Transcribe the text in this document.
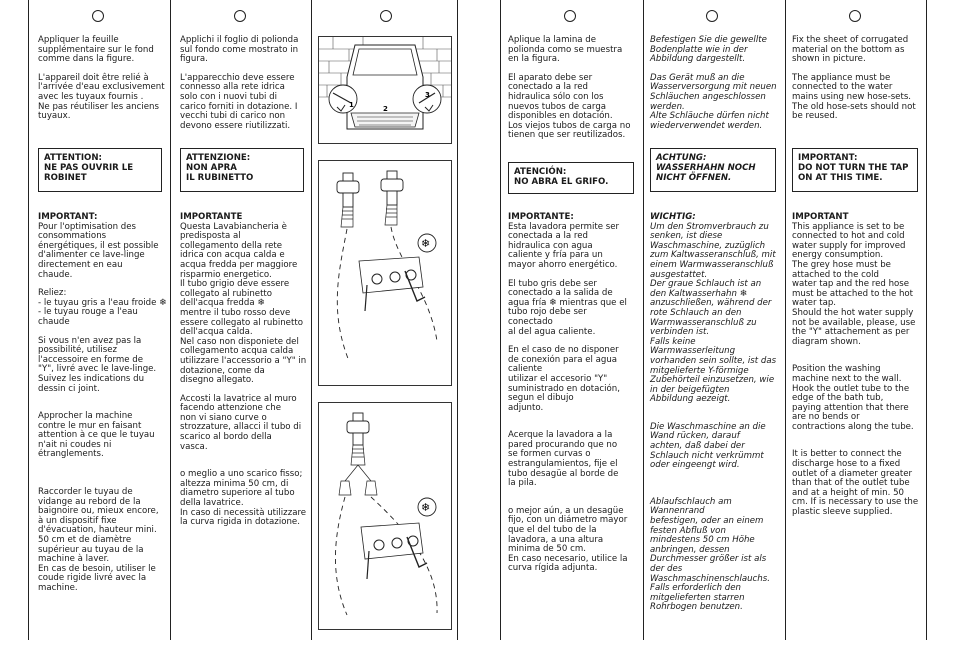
Appliquer la feuille
supplémentaire sur le fond
comme dans la figure.

L'appareil doit être relié à
l'arrivée d'eau exclusivement
avec les tuyaux fournis .
Ne pas réutiliser les anciens
tuyaux.

ATTENTION:
NE PAS OUVRIR LE
ROBINET

IMPORTANT:

Pour l'optimisation des
consommations
énergétiques, il est possible
d'alimenter ce lave-linge
directement en eau
chaude.

Reliez:
- le tuyau gris a l'eau froide ❄

- le tuyau rouge a l'eau
chaude

Si vous n'en avez pas la
possibilité, utilisez
l'accessoire en forme de
"Y", livré avec le lave-linge.
Suivez les indications du
dessin ci joint.

Approcher la machine
contre le mur en faisant
attention à ce que le tuyau
n'ait ni coudes ni
étranglements.

Raccorder le tuyau de
vidange au rebord de la
baignoire ou, mieux encore,
à un dispositif fixe
d'évacuation, hauteur mini.
50 cm et de diamètre
supérieur au tuyau de la
machine à laver.
En cas de besoin, utiliser le
coude rigide livré avec la
machine.

Applichi il foglio di polionda
sul fondo come mostrato in
figura.

L'apparecchio deve essere
connesso alla rete idrica
solo con i nuovi tubi di
carico forniti in dotazione. I
vecchi tubi di carico non
devono essere riutilizzati.

ATTENZIONE:
NON APRA
IL RUBINETTO

IMPORTANTE

Questa Lavabiancheria è
predisposta al
collegamento della rete
idrica con acqua calda e
acqua fredda per maggiore
risparmio energetico.
Il tubo grigio deve essere
collegato al rubinetto
dell'acqua fredda ❄

mentre il tubo rosso deve
essere collegato al rubinetto
dell'acqua calda.
Nel caso non disponiete del
collegamento acqua calda
utilizzare l'accessorio a "Y" in
dotazione, come da
disegno allegato.

Accosti la lavatrice al muro
facendo attenzione che
non vi siano curve o
strozzature, allacci il tubo di
scarico al bordo della
vasca.

o meglio a uno scarico fisso;
altezza minima 50 cm, di
diametro superiore al tubo
della lavatrice.
In caso di necessità utilizzare
la curva rigida in dotazione.

1	2
3
❄
❄

Aplique la lamina de
polionda como se muestra
en la figura.

El aparato debe ser
conectado a la red
hidraulica sólo con los
nuevos tubos de carga
disponibles en dotación.
Los viejos tubos de carga no
tienen que ser reutilizados.

ATENCIÓN:
NO ABRA EL GRIFO.

IMPORTANTE:

Esta lavadora permite ser
conectada a la red
hidraulica con agua
caliente y fría para un
mayor ahorro energético.

El tubo gris debe ser
conectado a la salida de
agua fría ❄ mientras que el
tubo rojo debe ser
conectado
al del agua caliente.

En el caso de no disponer
de conexión para el agua
caliente
utilizar el accesorio "Y"
suministrado en dotación,
segun el dibujo
adjunto.

Acerque la lavadora a la
pared procurando que no
se formen curvas o
estrangulamientos, fije el
tubo desagüe al borde de
la pila.

o mejor aún, a un desagüe
fijo, con un diámetro mayor
que el del tubo de la
lavadora, a una altura
minima de 50 cm.
En caso necesario, utilice la
curva rígida adjunta.

Befestigen Sie die gewellte
Bodenplatte wie in der
Abbildung dargestellt.

Das Gerät muß an die
Wasserversorgung mit neuen
Schläuchen angeschlossen
werden.
Alte Schläuche dürfen nicht
wiederverwendet werden.

ACHTUNG:
WASSERHAHN NOCH
NICHT ÖFFNEN.

WICHTIG:

Um den Stromverbrauch zu
senken, ist diese
Waschmaschine, zuzüglich
zum Kaltwasseranschluß, mit
einem Warmwasseranschluß
ausgestattet.
Der graue Schlauch ist an
den Kaltwasserhahn ❄

anzuschließen, während der
rote Schlauch an den
Warmwasseranschluß zu
verbinden ist.
Falls keine
Warmwasserleitung
vorhanden sein sollte, ist das
mitgelieferte Y-förmige
Zubehörteil einzusetzen, wie
in der beigefügten
Abbildung aezeigt.

Die Waschmaschine an die
Wand rücken, darauf
achten, daß dabei der
Schlauch nicht verkrümmt
oder eingeengt wird.

Ablaufschlauch am
Wannenrand
befestigen, oder an einem
festen Abfluß von
mindestens 50 cm Höhe
anbringen, dessen
Durchmesser größer ist als
der des
Waschmaschinenschlauchs.
Falls erforderlich den
mitgelieferten starren
Rohrbogen benutzen.

Fix the sheet of corrugated
material on the bottom as
shown in picture.

The appliance must be
connected to the water
mains using new hose-sets.
The old hose-sets should not
be reused.

IMPORTANT:
DO NOT TURN THE TAP
ON AT THIS TIME.

IMPORTANT

This appliance is set to be
connected to hot and cold
water supply for improved
energy consumption.
The grey hose must be
attached to the cold

water tap and the red hose
must be attached to the hot
water tap.
Should the hot water supply
not be available, please, use
the "Y" attachement as per
diagram shown.

Position the washing
machine next to the wall.
Hook the outlet tube to the
edge of the bath tub,
paying attention that there
are no bends or
contractions along the tube.

It is better to connect the
discharge hose to a fixed
outlet of a diameter greater
than that of the outlet tube
and at a height of min. 50
cm. If is necessary to use the
plastic sleeve supplied.
